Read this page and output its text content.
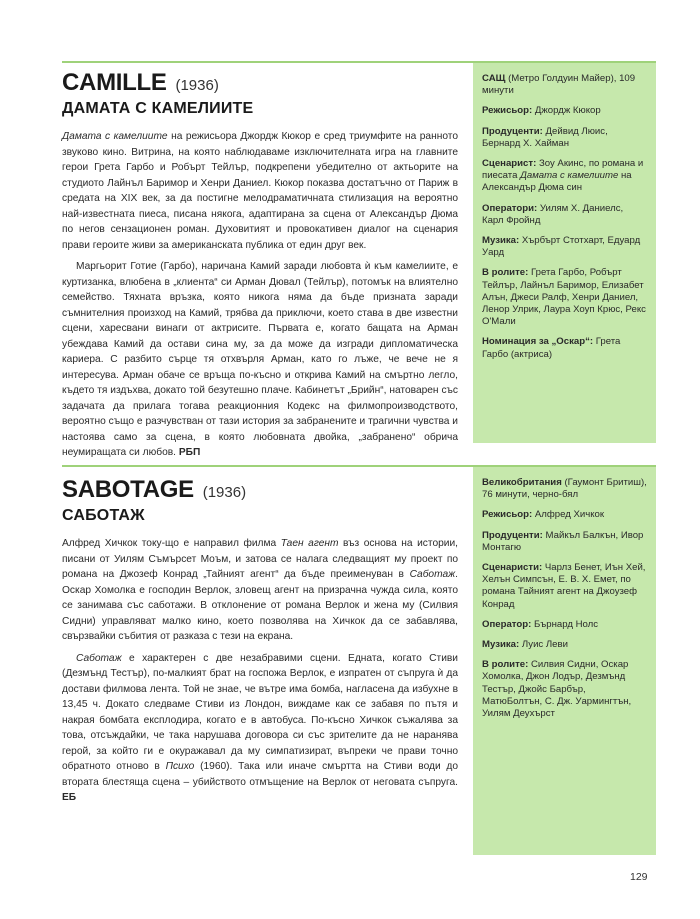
CAMILLE (1936)
ДАМАТА С КАМЕЛИИТЕ

Дамата с камелиите на режисьора Джордж Кюкор е сред триумфите на ранното звуково кино. Витрина, на която наблюдаваме изключителната игра на главните герои Грета Гарбо и Робърт Тейлър, подкрепени убедително от актьорите на студиото Лайнъл Баримор и Хенри Даниел. Кюкор показва достатъчно от Париж в средата на XIX век, за да постигне мелодраматичната стилизация на вероятно най-известната пиеса, писана някога, адаптирана за сцена от Александър Дюма по негов сензационен роман. Духовитият и провокативен диалог на сценария прави героите живи за американската публика от един друг век.

Маргьорит Готие (Гарбо), наричана Камий заради любовта ѝ към камелиите, е куртизанка, влюбена в „клиента“ си Арман Дювал (Тейлър), потомък на влиятелно семейство. Тяхната връзка, която никога няма да бъде призната заради съмнителния произход на Камий, трябва да приключи, което става в две известни сцени, харесвани винаги от актрисите. Първата е, когато бащата на Арман убеждава Камий да остави сина му, за да може да изгради дипломатическа кариера. С разбито сърце тя отхвърля Арман, като го лъже, че вече не я интересува. Арман обаче се връща по-късно и открива Камий на смъртно легло, където тя издъхва, докато той безутешно плаче. Кабинетът „Брийн“, натоварен със задачата да прилага тогава реакционния Кодекс на филмопроизводството, вероятно също е разчувстван от тази история за забранените и трагични чувства и настоява само за сцена, в която любовната двойка, „забранено“ обрича неумиращата си любов. РБП

САЩ (Метро Голдуин Майер), 109 минути

Режисьор: Джордж Кюкор

Продуценти: Дейвид Люис, Бернард Х. Хайман

Сценарист: Зоу Акинс, по романа и пиесата Дамата с камелиите на Александър Дюма син

Оператори: Уилям Х. Даниелс, Карл Фройнд

Музика: Хърбърт Стотхарт, Едуард Уард

В ролите: Грета Гарбо, Робърт Тейлър, Лайнъл Баримор, Елизабет Алън, Джеси Ралф, Хенри Даниел, Ленор Улрик, Лаура Хоуп Крюс, Рекс О'Мали

Номинация за „Оскар“: Грета Гарбо (актриса)

SABOTAGE (1936)
САБОТАЖ

Алфред Хичкок току-що е направил филма Таен агент въз основа на истории, писани от Уилям Съмърсет Моъм, и затова се налага следващият му проект по романа на Джозеф Конрад „Тайният агент“ да бъде преименуван в Саботаж. Оскар Хомолка е господин Верлок, зловещ агент на призрачна чужда сила, която се занимава със саботажи. В отклонение от романа Верлок и жена му (Силвия Сидни) управляват малко кино, което позволява на Хичкок да се забавлява, свързвайки събития от разказа с тези на екрана.

Саботаж е характерен с две незабравими сцени. Едната, когато Стиви (Дезмънд Тестър), по-малкият брат на госпожа Верлок, е изпратен от съпруга ѝ да достави филмова лента. Той не знае, че вътре има бомба, нагласена да избухне в 13,45 ч. Докато следваме Стиви из Лондон, виждаме как се забавя по пътя и накрая бомбата експлодира, когато е в автобуса. По-късно Хичкок съжалява за това, отсъждайки, че така нарушава договора си със зрителите да не наранява герой, за който ги е окуражавал да му симпатизират, въпреки че прави точно обратното отново в Психо (1960). Така или иначе смъртта на Стиви води до втората блестяща сцена – убийството отмъщение на Верлок от неговата съпруга. ЕБ

Великобритания (Гаумонт Бритиш), 76 минути, черно-бял

Режисьор: Алфред Хичкок

Продуценти: Майкъл Балкън, Ивор Монтагю

Сценаристи: Чарлз Бенет, Иън Хей, Хелън Симпсън, Е. В. Х. Емет, по романа Тайният агент на Джоузеф Конрад

Оператор: Бърнард Нолс

Музика: Луис Леви

В ролите: Силвия Сидни, Оскар Хомолка, Джон Лодър, Дезмънд Тестър, Джойс Барбър, МатюБолтън, С. Дж. Уармингтън, Уилям Деухърст

129
